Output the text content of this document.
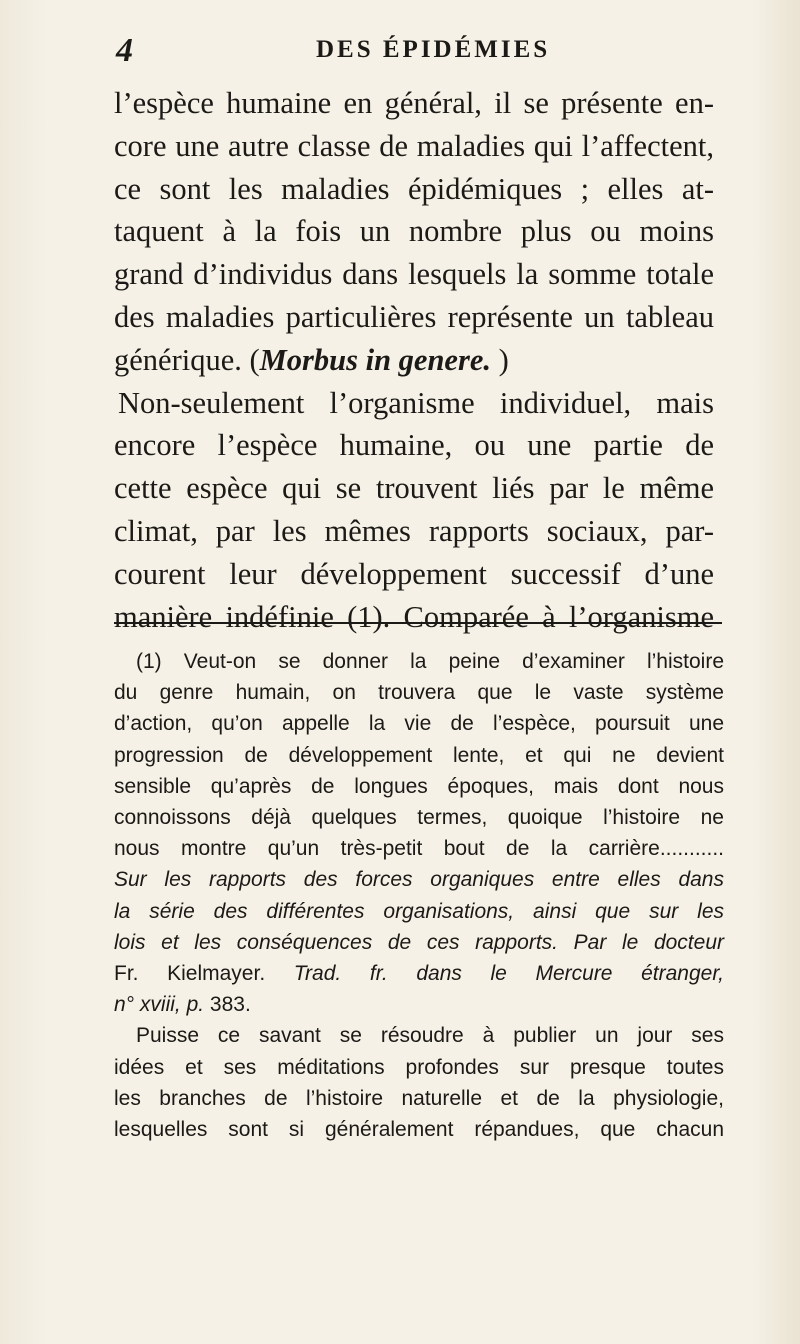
4	DES ÉPIDÉMIES
l’espèce humaine en général, il se présente en-
core une autre classe de maladies qui l’affectent,
ce sont les maladies épidémiques ; elles at-
taquent à la fois un nombre plus ou moins
grand d’individus dans lesquels la somme totale
des maladies particulières représente un tableau
générique. (Morbus in genere. )
Non-seulement l’organisme individuel, mais
encore l’espèce humaine, ou une partie de
cette espèce qui se trouvent liés par le même
climat, par les mêmes rapports sociaux, par-
courent leur développement successif d’une
manière indéfinie (1). Comparée à l’organisme
(1) Veut-on se donner la peine d’examiner l’histoire
du genre humain, on trouvera que le vaste système
d’action, qu’on appelle la vie de l’espèce, poursuit une
progression de développement lente, et qui ne devient
sensible qu’après de longues époques, mais dont nous
connoissons déjà quelques termes, quoique l’histoire ne
nous montre qu’un très-petit bout de la carrière...........
Sur les rapports des forces organiques entre elles dans
la série des différentes organisations, ainsi que sur les
lois et les conséquences de ces rapports. Par le docteur
Fr. Kielmayer. Trad. fr. dans le Mercure étranger,
n° xviii, p. 383.
Puisse ce savant se résoudre à publier un jour ses
idées et ses méditations profondes sur presque toutes
les branches de l’histoire naturelle et de la physiologie,
lesquelles sont si généralement répandues, que chacun
